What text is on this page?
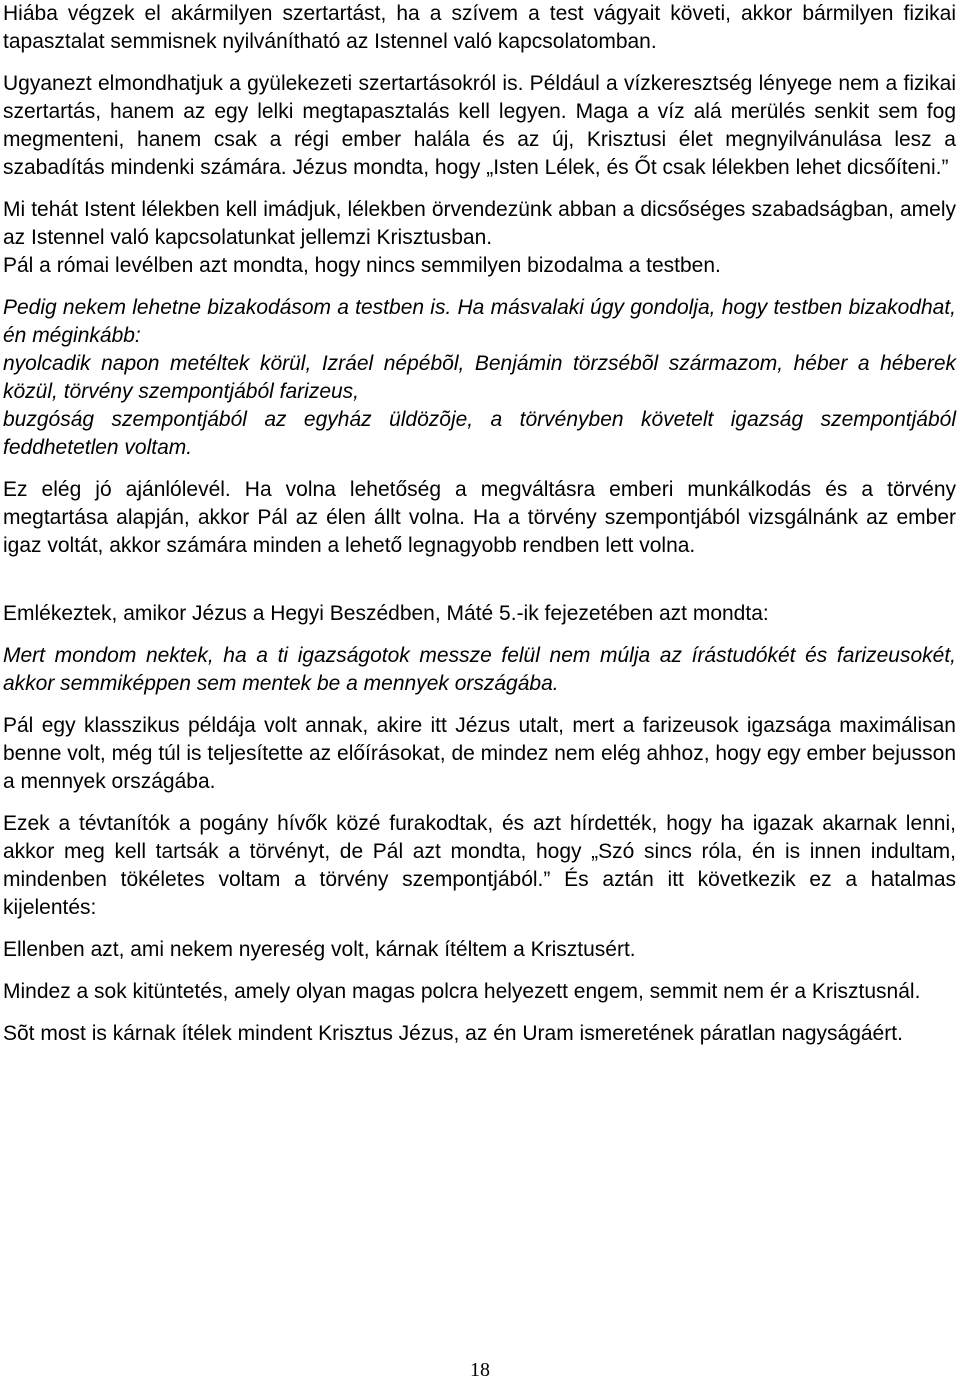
Hiába végzek el akármilyen szertartást, ha a szívem a test vágyait követi, akkor bármilyen fizikai tapasztalat semmisnek nyilvánítható az Istennel való kapcsolatomban.

Ugyanezt elmondhatjuk a gyülekezeti szertartásokról is. Például a vízkeresztség lényege nem a fizikai szertartás, hanem az egy lelki megtapasztalás kell legyen. Maga a víz alá merülés senkit sem fog megmenteni, hanem csak a régi ember halála és az új, Krisztusi élet megnyilvánulása lesz a szabadítás mindenki számára. Jézus mondta, hogy „Isten Lélek, és Őt csak lélekben lehet dicsőíteni.”

Mi tehát Istent lélekben kell imádjuk, lélekben örvendezünk abban a dicsőséges szabadságban, amely az Istennel való kapcsolatunkat jellemzi Krisztusban.

Pál a római levélben azt mondta, hogy nincs semmilyen bizodalma a testben.

Pedig nekem lehetne bizakodásom a testben is. Ha másvalaki úgy gondolja, hogy testben bizakodhat, én méginkább:

nyolcadik napon metéltek körül, Izráel népébõl, Benjámin törzsébõl származom, héber a héberek közül, törvény szempontjából farizeus,

buzgóság szempontjából az egyház üldözõje, a törvényben követelt igazság szempontjából feddhetetlen voltam.

Ez elég jó ajánlólevél. Ha volna lehetőség a megváltásra emberi munkálkodás és a törvény megtartása alapján, akkor Pál az élen állt volna. Ha a törvény szempontjából vizsgálnánk az ember igaz voltát, akkor számára minden a lehető legnagyobb rendben lett volna.

Emlékeztek, amikor Jézus a Hegyi Beszédben, Máté 5.-ik fejezetében azt mondta:

Mert mondom nektek, ha a ti igazságotok messze felül nem múlja az írástudókét és farizeusokét, akkor semmiképpen sem mentek be a mennyek országába.

Pál egy klasszikus példája volt annak, akire itt Jézus utalt, mert a farizeusok igazsága maximálisan benne volt, még túl is teljesítette az előírásokat, de mindez nem elég ahhoz, hogy egy ember bejusson a mennyek országába.

Ezek a tévtanítók a pogány hívők közé furakodtak, és azt hírdették, hogy ha igazak akarnak lenni, akkor meg kell tartsák a törvényt, de Pál azt mondta, hogy „Szó sincs róla, én is innen indultam, mindenben tökéletes voltam a törvény szempontjából.” És aztán itt következik ez a hatalmas kijelentés:

Ellenben azt, ami nekem nyereség volt, kárnak ítéltem a Krisztusért.

Mindez a sok kitüntetés, amely olyan magas polcra helyezett engem, semmit nem ér a Krisztusnál.

Sõt most is kárnak ítélek mindent Krisztus Jézus, az én Uram ismeretének páratlan nagyságáért.

18
